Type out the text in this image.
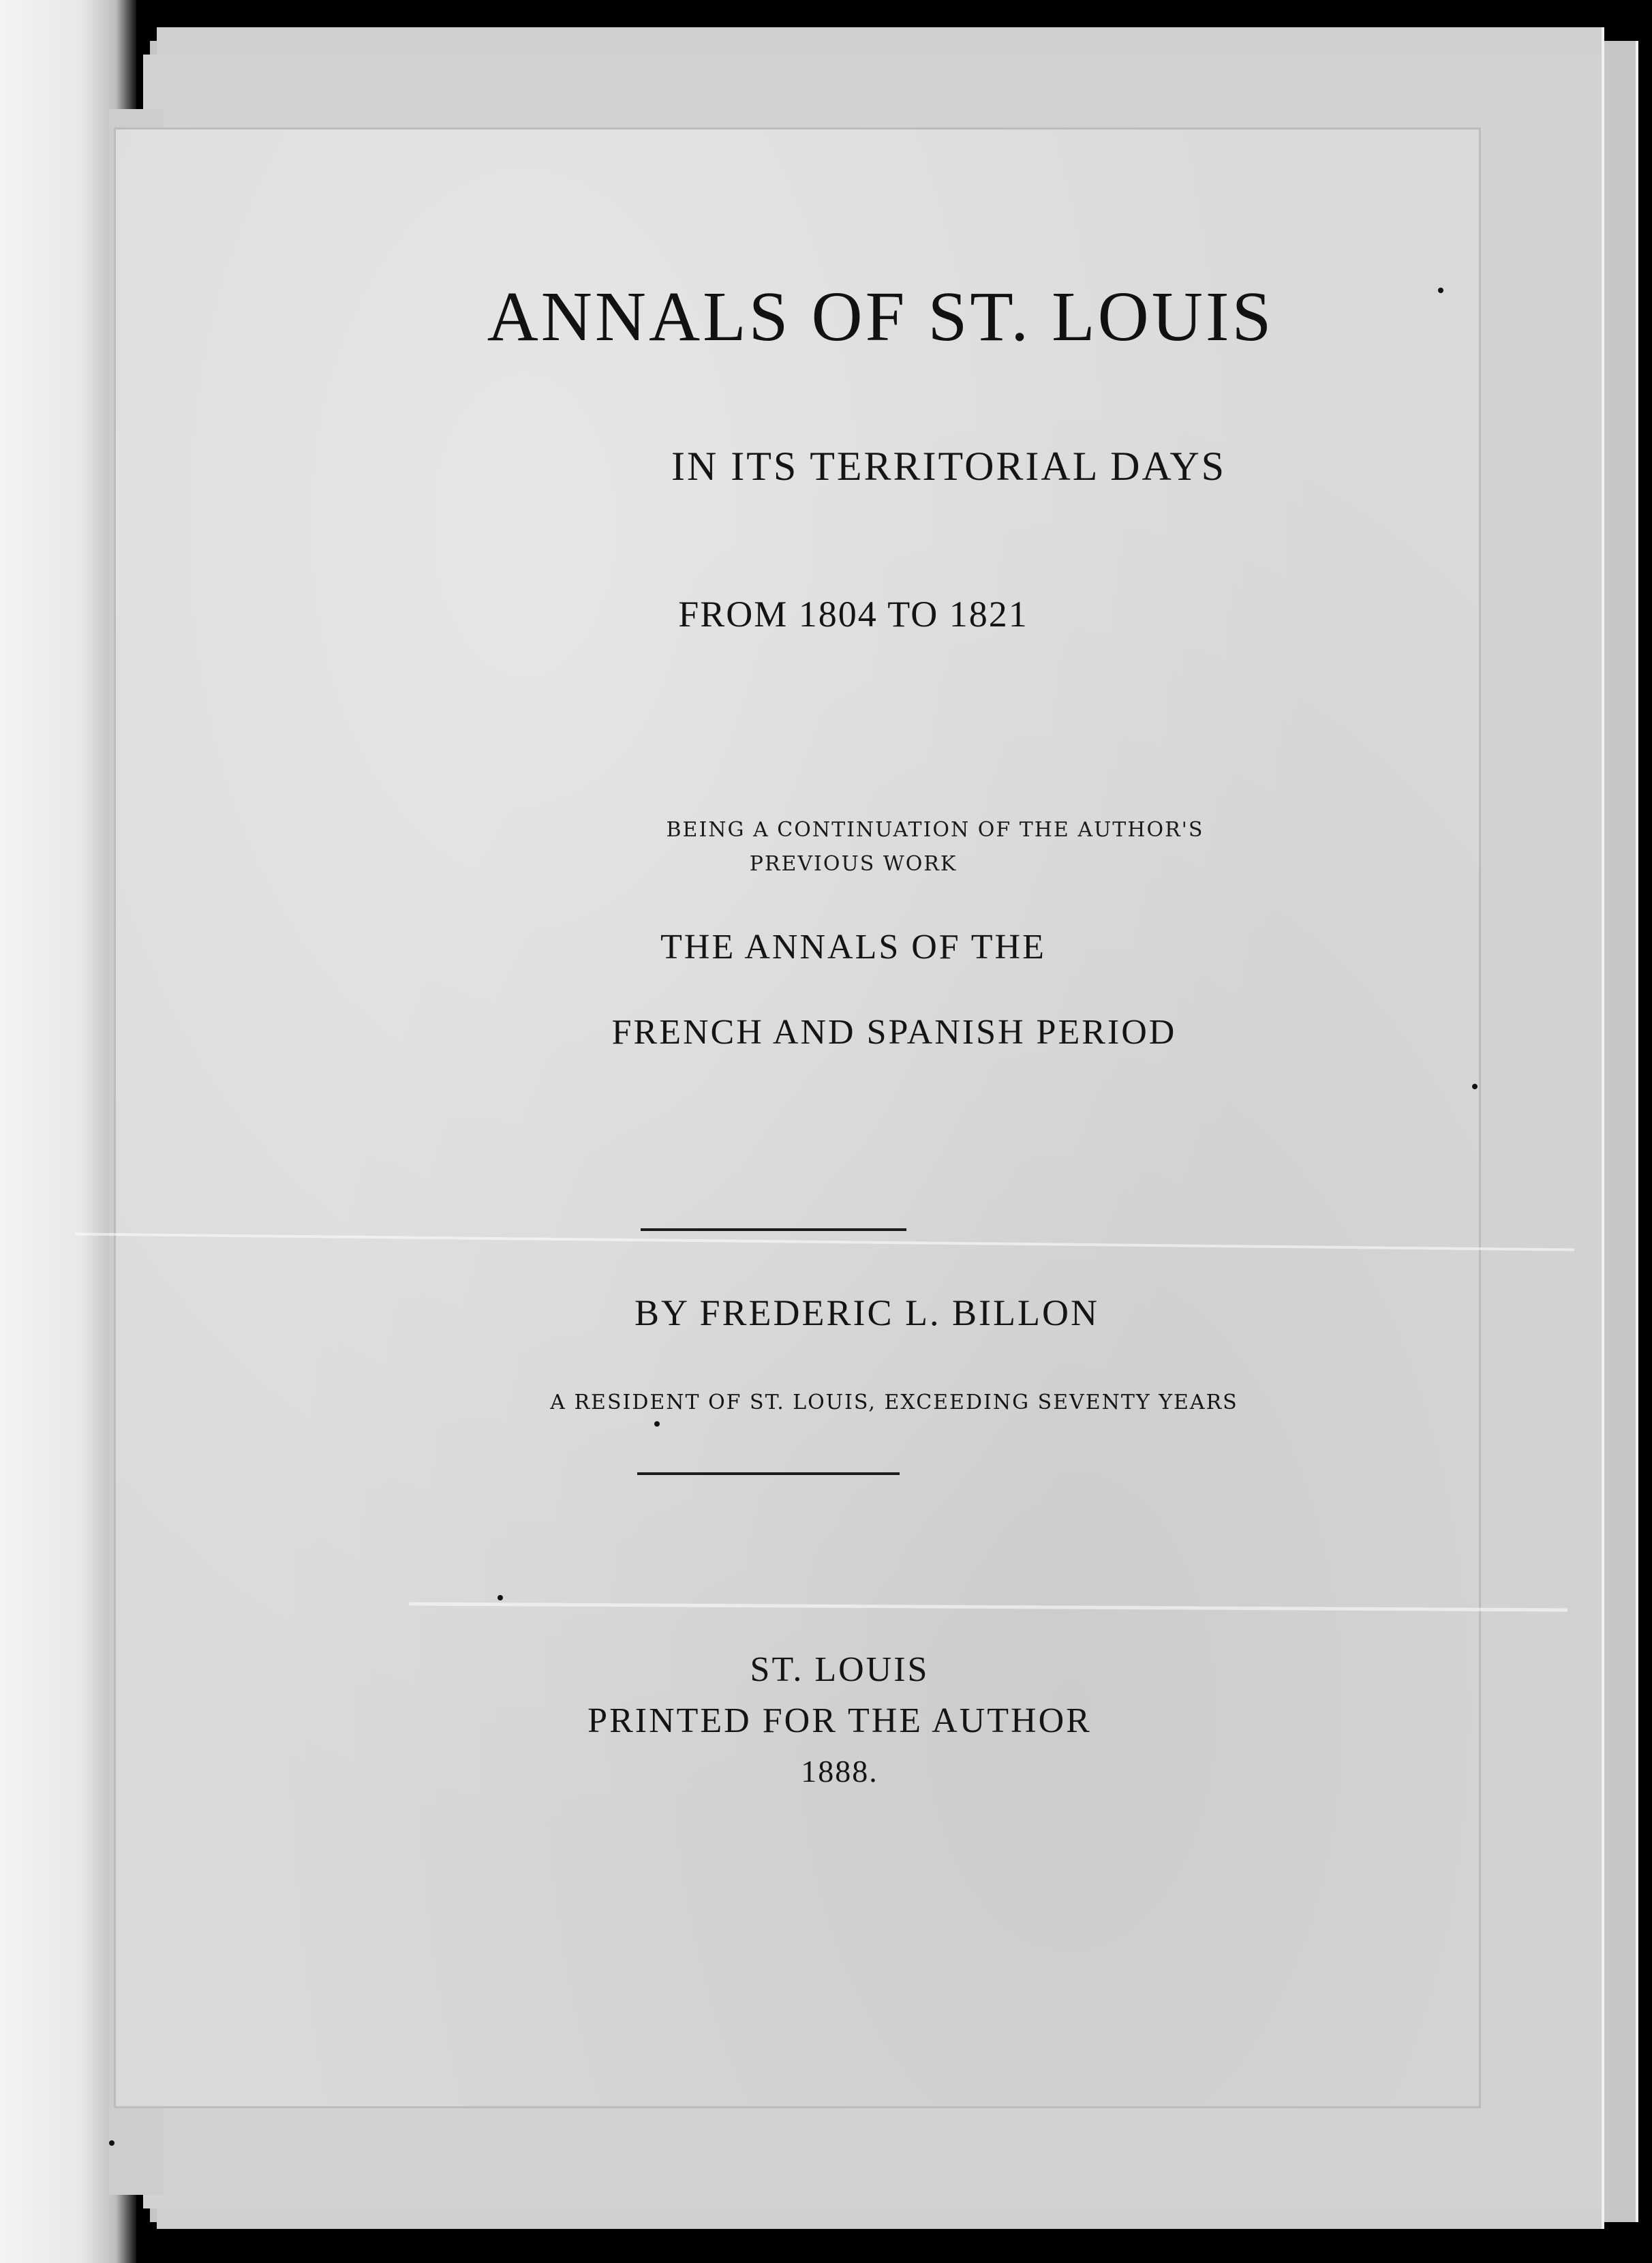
ANNALS OF ST. LOUIS
IN ITS TERRITORIAL DAYS
FROM 1804 TO 1821
BEING A CONTINUATION OF THE AUTHOR'S
PREVIOUS WORK
THE ANNALS OF THE
FRENCH AND SPANISH PERIOD
BY FREDERIC L. BILLON
A RESIDENT OF ST. LOUIS, EXCEEDING SEVENTY YEARS
ST. LOUIS
PRINTED FOR THE AUTHOR
1888.
